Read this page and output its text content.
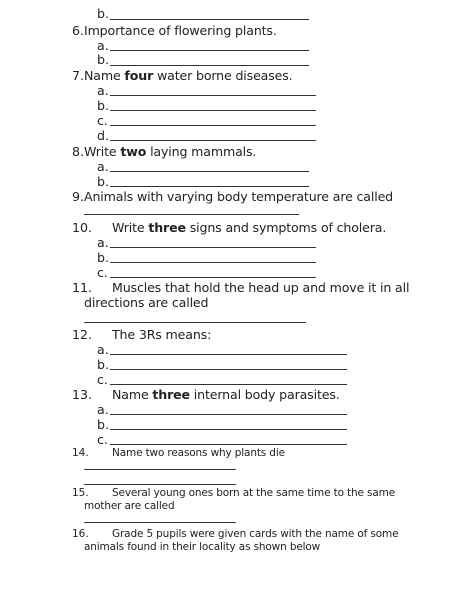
b.
6. Importance of flowering plants.
a.
b.
7. Name four water borne diseases.
a.
b.
c.
d.
8. Write two laying mammals.
a.
b.
9. Animals with varying body temperature are called
10. Write three signs and symptoms of cholera.
a.
b.
c.
11. Muscles that hold the head up and move it in all
directions are called
12. The 3Rs means:
a.
b.
c.
13. Name three internal body parasites.
a.
b.
c.
14. Name two reasons why plants die
15. Several young ones born at the same time to the same
mother are called
16. Grade 5 pupils were given cards with the name of some
animals found in their locality as shown below
